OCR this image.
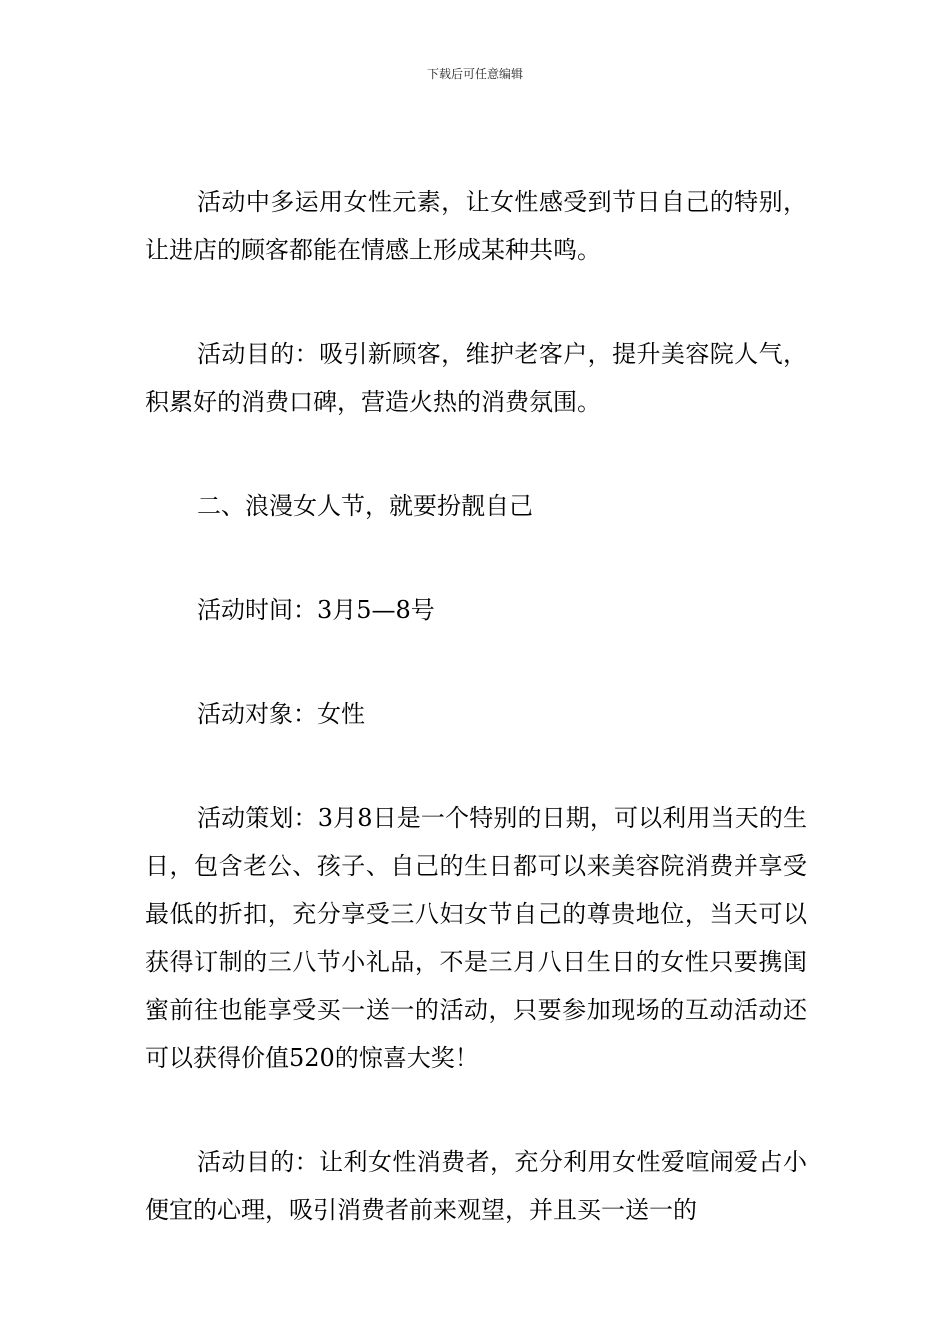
下载后可任意编辑

活动中多运用女性元素，让女性感受到节日自己的特别，让进店的顾客都能在情感上形成某种共鸣。

活动目的：吸引新顾客，维护老客户，提升美容院人气，积累好的消费口碑，营造火热的消费氛围。

二、浪漫女人节，就要扮靓自己

活动时间：3月5—8号

活动对象：女性

活动策划：3月8日是一个特别的日期，可以利用当天的生日，包含老公、孩子、自己的生日都可以来美容院消费并享受最低的折扣，充分享受三八妇女节自己的尊贵地位，当天可以获得订制的三八节小礼品，不是三月八日生日的女性只要携闺蜜前往也能享受买一送一的活动，只要参加现场的互动活动还可以获得价值520的惊喜大奖！

活动目的：让利女性消费者，充分利用女性爱喧闹爱占小便宜的心理，吸引消费者前来观望，并且买一送一的
